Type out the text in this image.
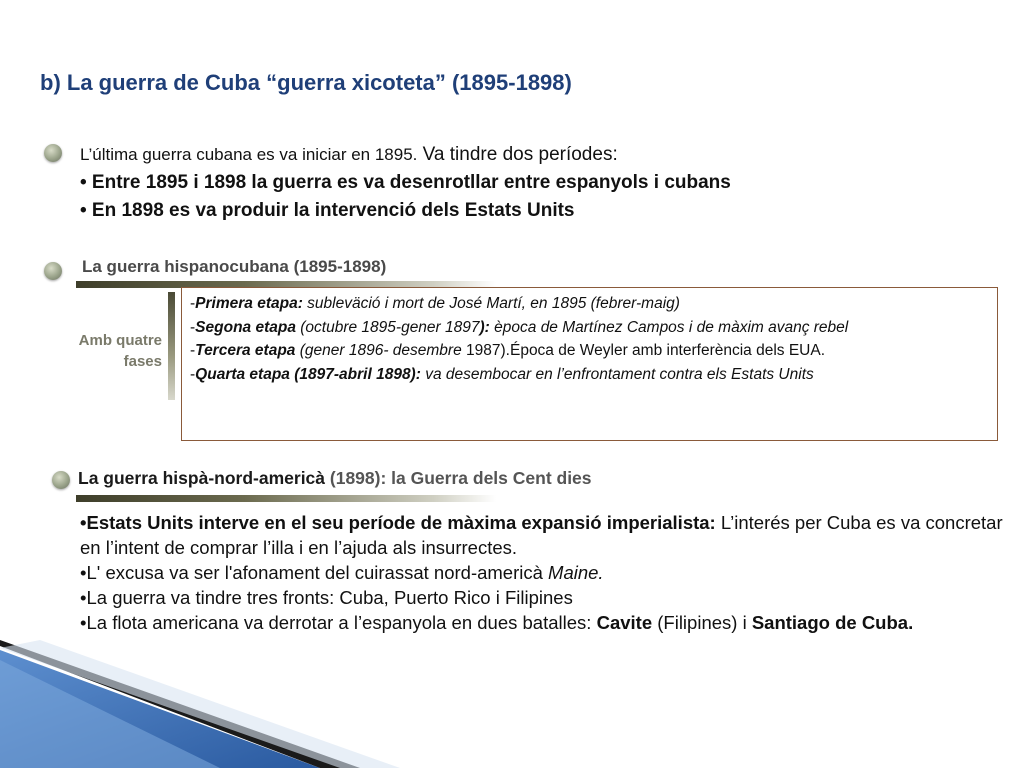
b) La guerra de Cuba “guerra xicoteta” (1895-1898)
L’última guerra cubana es va iniciar en 1895. Va tindre dos períodes:
• Entre 1895 i 1898 la guerra es va desenrotllar entre espanyols i cubans
• En 1898 es va produir la intervenció dels Estats Units
La guerra hispanocubana (1895-1898)
Amb quatre
fases
-Primera etapa: subleväció i mort de José Martí, en 1895 (febrer-maig)
-Segona etapa (octubre 1895-gener 1897): època de Martínez Campos i de màxim avanç rebel
-Tercera etapa (gener 1896- desembre 1987).Época de Weyler amb interferència dels EUA.
-Quarta etapa (1897-abril 1898): va desembocar en l’enfrontament contra els Estats Units
La guerra hispà-nord-americà (1898): la Guerra dels Cent dies
•Estats Units interve en el seu període de màxima expansió imperialista: L’interés per Cuba es va concretar en l’intent de comprar l’illa i en l’ajuda als insurrectes.
•L' excusa va ser l'afonament del cuirassat nord-americà Maine.
•La guerra va tindre tres fronts: Cuba, Puerto Rico i Filipines
•La flota americana va derrotar a l’espanyola en dues batalles: Cavite (Filipines) i Santiago de Cuba.
